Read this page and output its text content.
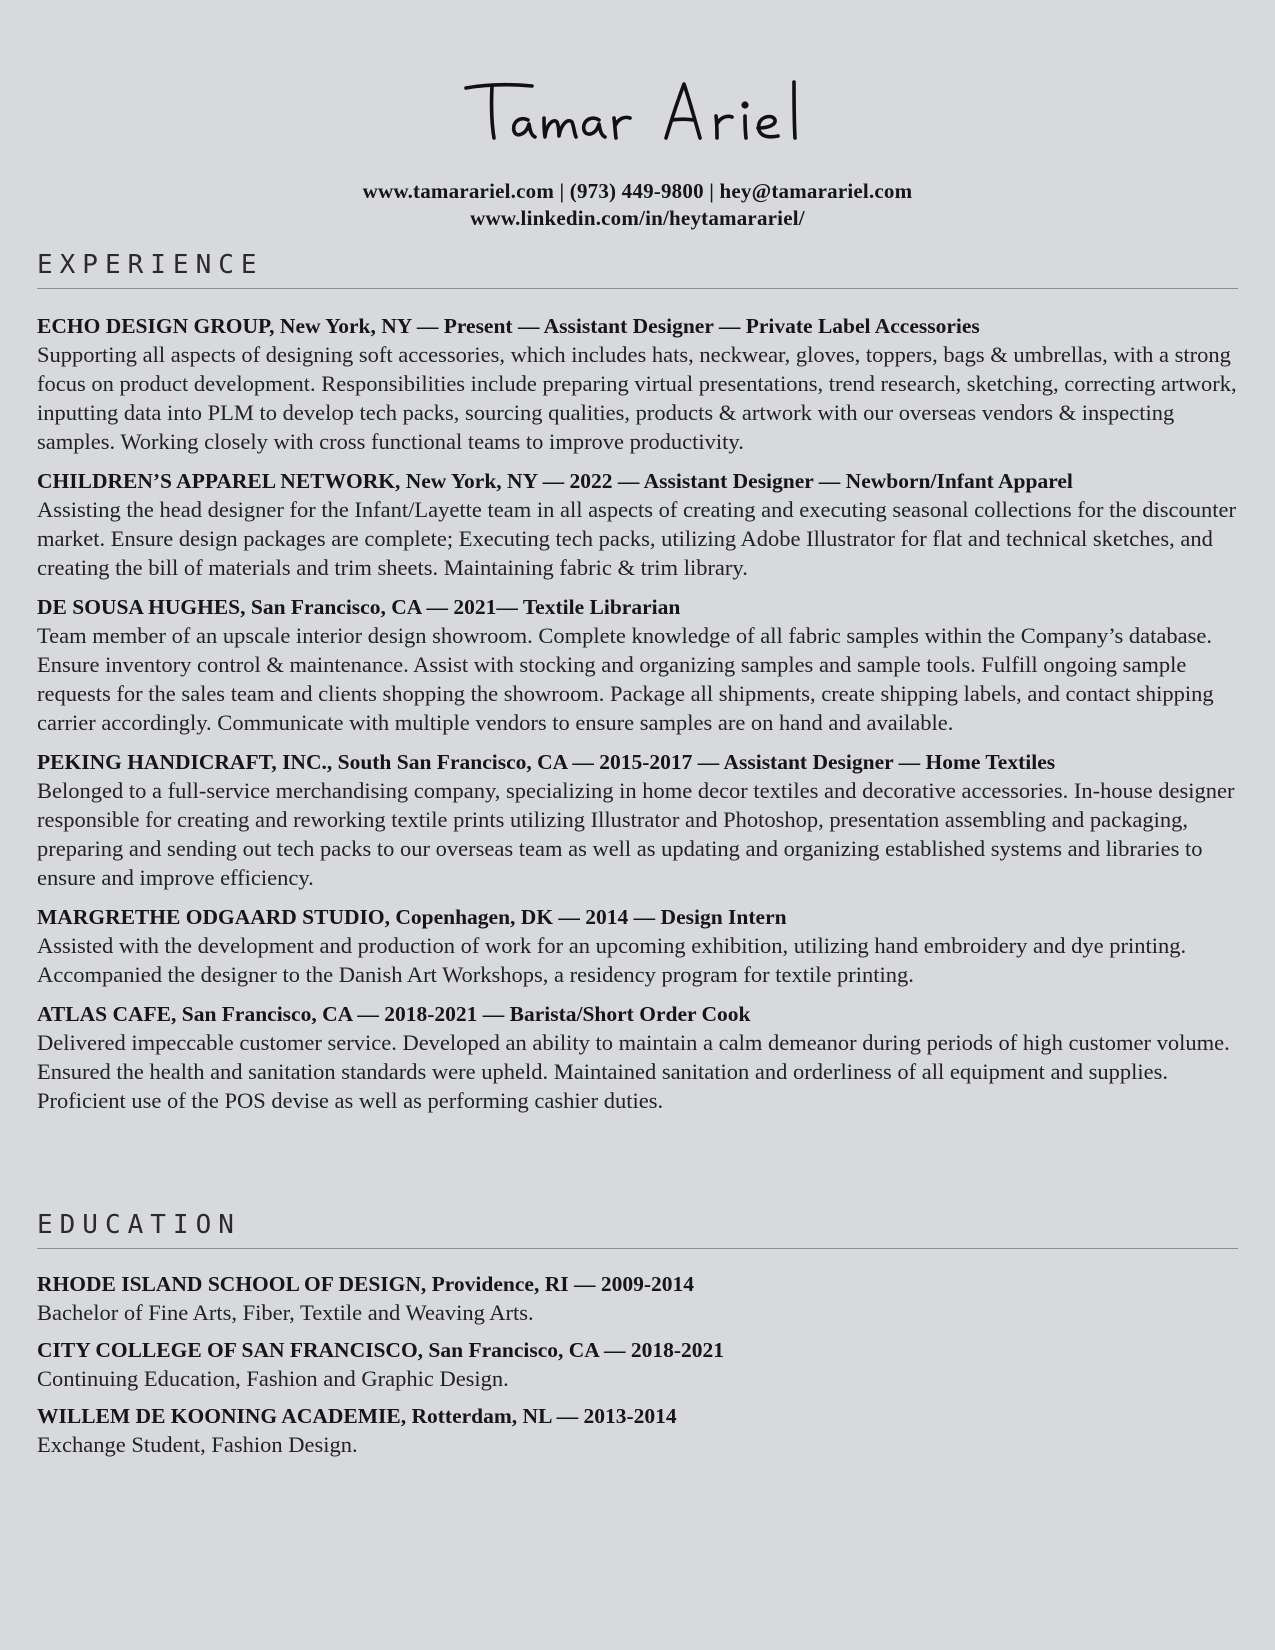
www.tamarariel.com | (973) 449-9800 | hey@tamarariel.com
www.linkedin.com/in/heytamarariel/
EXPERIENCE
ECHO DESIGN GROUP, New York, NY — Present — Assistant Designer — Private Label Accessories
Supporting all aspects of designing soft accessories, which includes hats, neckwear, gloves, toppers, bags & umbrellas, with a strong focus on product development. Responsibilities include preparing virtual presentations, trend research, sketching, correcting artwork, inputting data into PLM to develop tech packs, sourcing qualities, products & artwork with our overseas vendors & inspecting samples. Working closely with cross functional teams to improve productivity.
CHILDREN’S APPAREL NETWORK, New York, NY — 2022 — Assistant Designer — Newborn/Infant Apparel
Assisting the head designer for the Infant/Layette team in all aspects of creating and executing seasonal collections for the discounter market. Ensure design packages are complete; Executing tech packs, utilizing Adobe Illustrator for flat and technical sketches, and creating the bill of materials and trim sheets. Maintaining fabric & trim library.
DE SOUSA HUGHES, San Francisco, CA — 2021— Textile Librarian
Team member of an upscale interior design showroom. Complete knowledge of all fabric samples within the Company’s database. Ensure inventory control & maintenance. Assist with stocking and organizing samples and sample tools. Fulfill ongoing sample requests for the sales team and clients shopping the showroom. Package all shipments, create shipping labels, and contact shipping carrier accordingly. Communicate with multiple vendors to ensure samples are on hand and available.
PEKING HANDICRAFT, INC., South San Francisco, CA — 2015-2017 — Assistant Designer — Home Textiles
Belonged to a full-service merchandising company, specializing in home decor textiles and decorative accessories. In-house designer responsible for creating and reworking textile prints utilizing Illustrator and Photoshop, presentation assembling and packaging, preparing and sending out tech packs to our overseas team as well as updating and organizing established systems and libraries to ensure and improve efficiency.
MARGRETHE ODGAARD STUDIO, Copenhagen, DK — 2014 — Design Intern
Assisted with the development and production of work for an upcoming exhibition, utilizing hand embroidery and dye printing. Accompanied the designer to the Danish Art Workshops, a residency program for textile printing.
ATLAS CAFE, San Francisco, CA — 2018-2021 — Barista/Short Order Cook
Delivered impeccable customer service. Developed an ability to maintain a calm demeanor during periods of high customer volume. Ensured the health and sanitation standards were upheld. Maintained sanitation and orderliness of all equipment and supplies. Proficient use of the POS devise as well as performing cashier duties.
EDUCATION
RHODE ISLAND SCHOOL OF DESIGN, Providence, RI — 2009-2014
Bachelor of Fine Arts, Fiber, Textile and Weaving Arts.
CITY COLLEGE OF SAN FRANCISCO, San Francisco, CA — 2018-2021
Continuing Education, Fashion and Graphic Design.
WILLEM DE KOONING ACADEMIE, Rotterdam, NL — 2013-2014
Exchange Student, Fashion Design.
